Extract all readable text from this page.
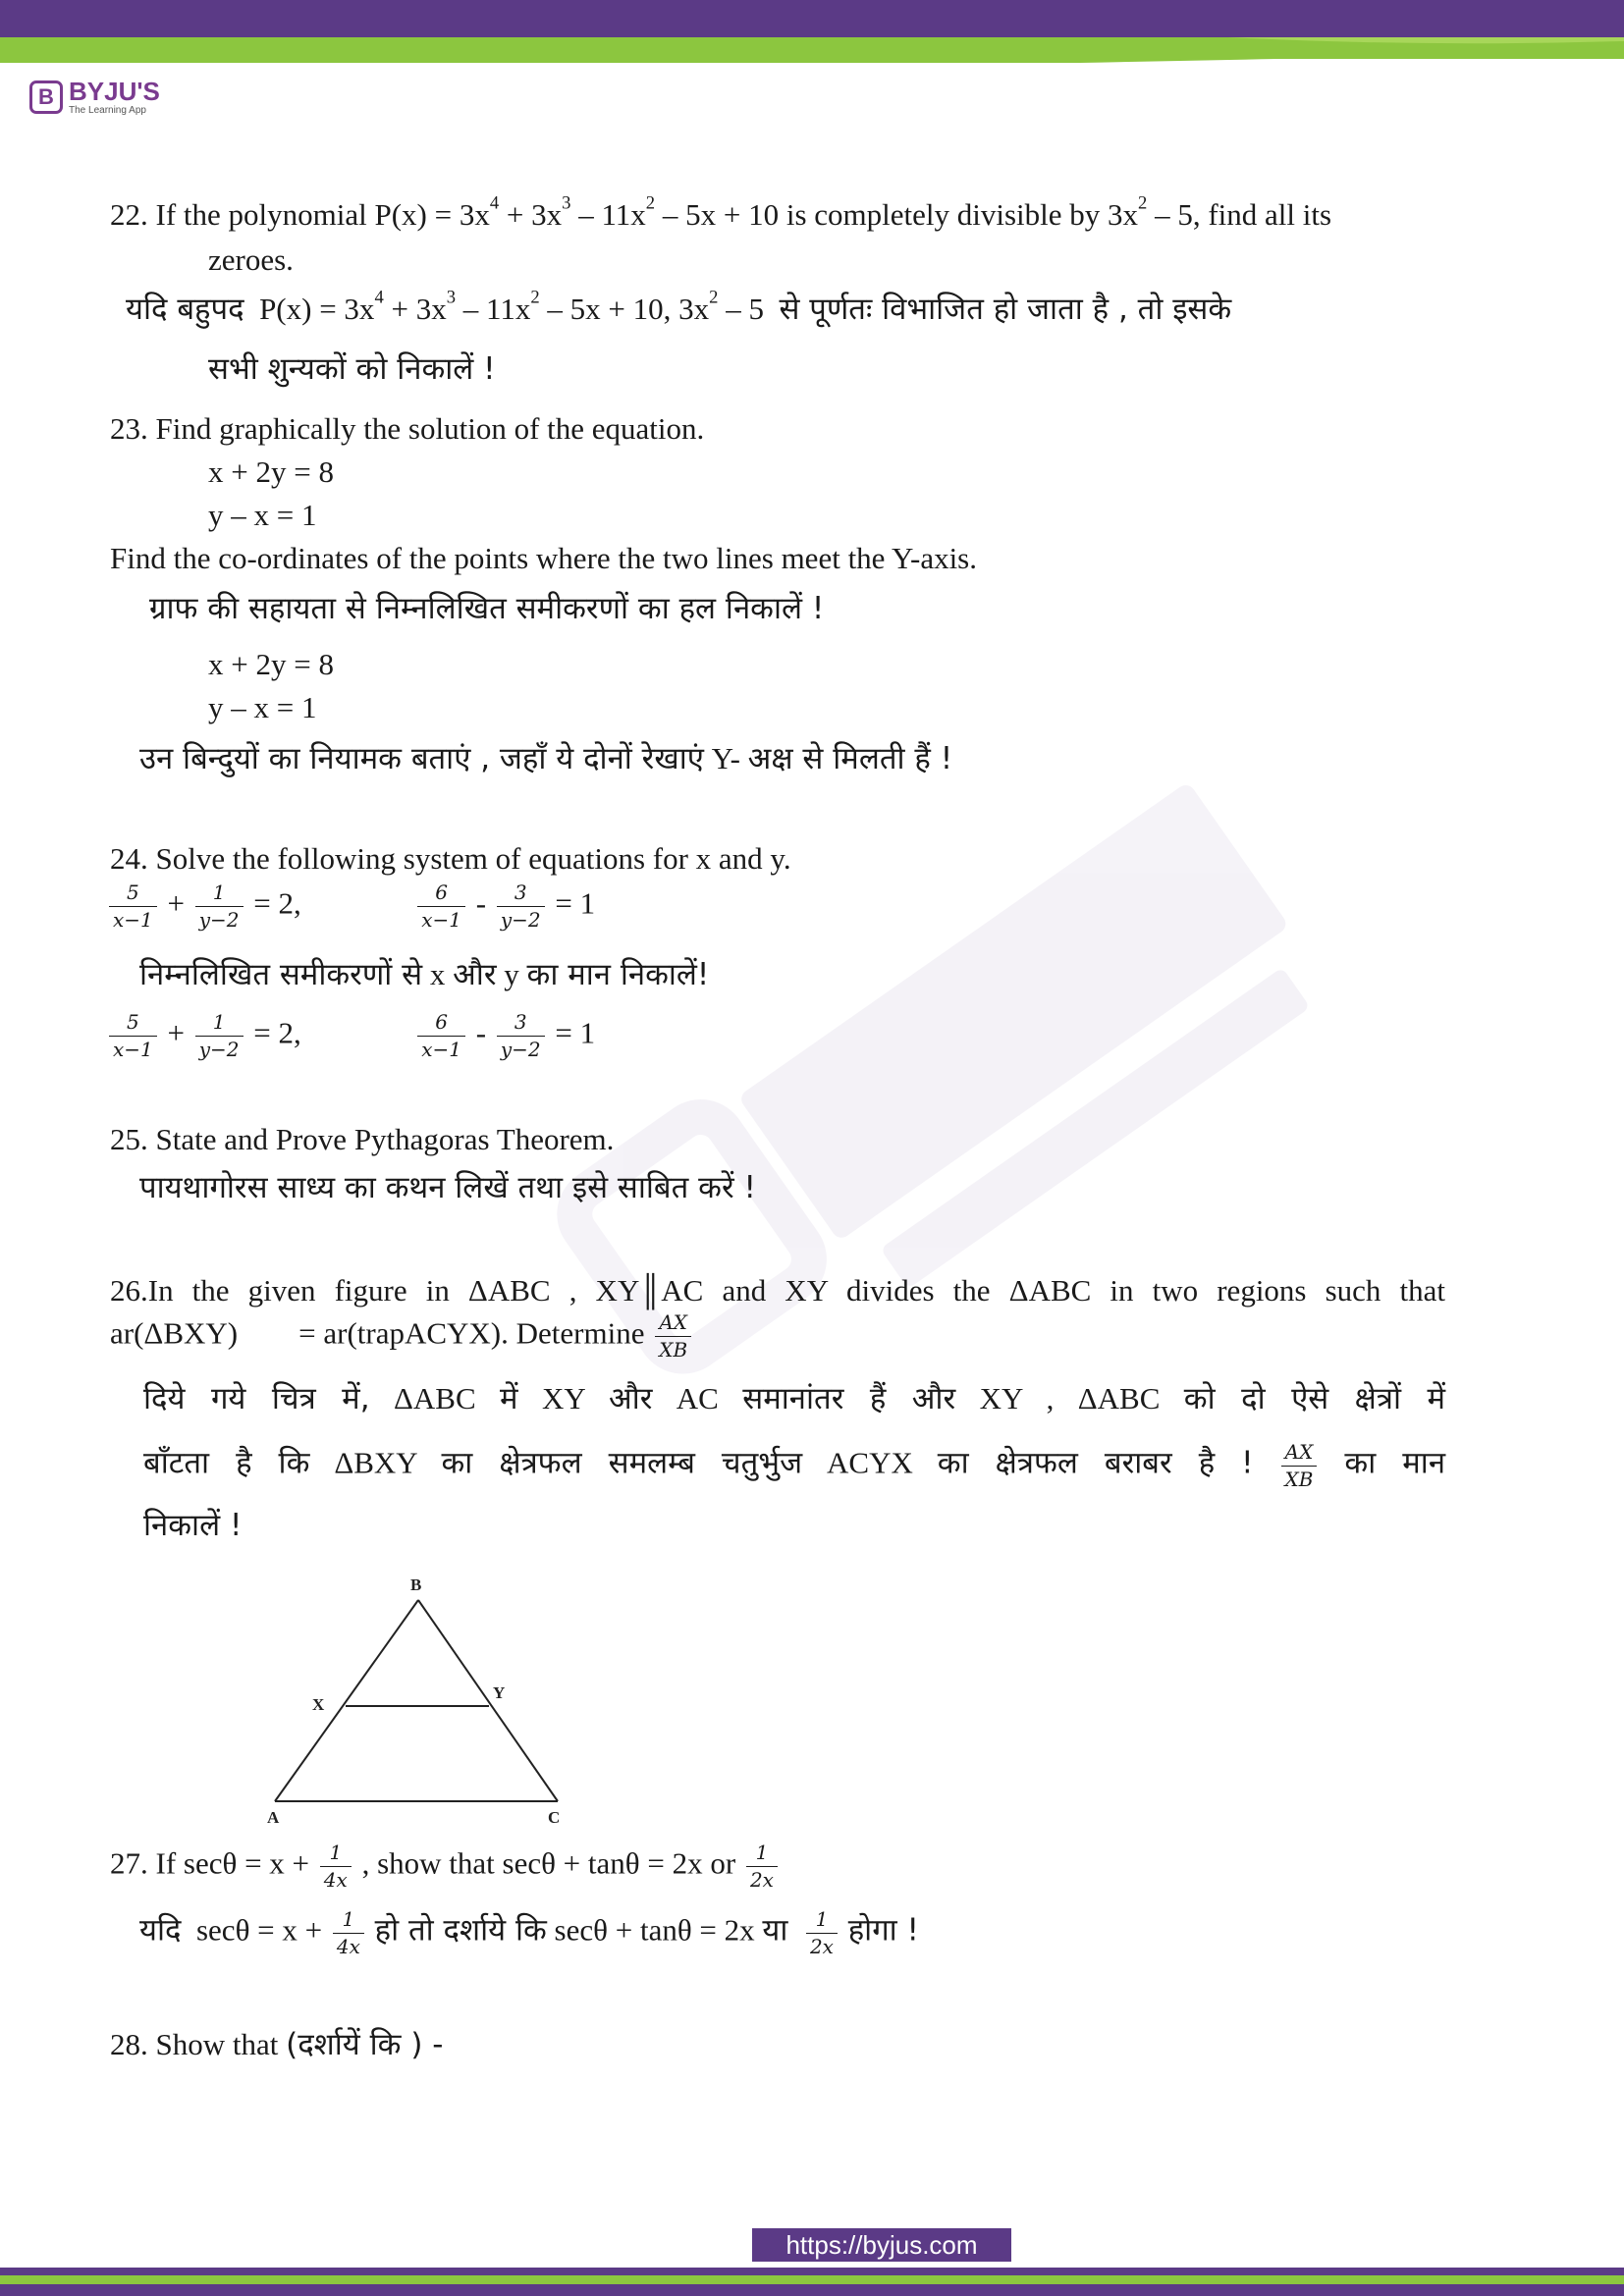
B BYJU'S
The Learning App
22. If the polynomial $P(x) = 3x^4 + 3x^3 - 11x^2 - 5x + 10$ is completely divisible by $3x^2 - 5$, find all its
zeroes.
यदि बहुपद $P(x) = 3x^4 + 3x^3 - 11x^2 - 5x + 10$, $3x^2 - 5$ से पूर्णतः विभाजित हो जाता है , तो इसके
सभी शुन्यकों को निकालें !
23. Find graphically the solution of the equation.
x + 2y = 8
y – x = 1
Find the co-ordinates of the points where the two lines meet the Y-axis.
ग्राफ की सहायता से निम्नलिखित समीकरणों का हल निकालें !
x + 2y = 8
y – x = 1
उन बिन्दुयों का नियामक बताएं , जहाँ ये दोनों रेखाएं Y- अक्ष से मिलती हैं !
24. Solve the following system of equations for x and y.
$\frac{5}{x-1} + \frac{1}{y-2} = 2$,	$\frac{6}{x-1} - \frac{3}{y-2} = 1$
निम्नलिखित समीकरणों से x और y का मान निकालें!
$\frac{5}{x-1} + \frac{1}{y-2} = 2$,	$\frac{6}{x-1} - \frac{3}{y-2} = 1$
25. State and Prove Pythagoras Theorem.
पायथागोरस साध्य का कथन लिखें तथा इसे साबित करें !
26.In the given figure in ΔABC , XY║AC and XY divides the ΔABC in two regions such that
ar(ΔBXY) = ar(trapACYX). Determine $\frac{AX}{XB}$
दिये गये चित्र में, ΔABC में XY और AC समानांतर हैं और XY , ΔABC को दो ऐसे क्षेत्रों में
बाँटता है कि ΔBXY का क्षेत्रफल समलम्ब चतुर्भुज ACYX का क्षेत्रफल बराबर है ! $\frac{AX}{XB}$ का मान
निकालें !
B
X
Y
A	C
27. If $\sec\theta = x + \frac{1}{4x}$ , show that secθ + tanθ = 2x or $\frac{1}{2x}$
यदि $\sec\theta = x + \frac{1}{4x}$ हो तो दर्शाये कि secθ + tanθ = 2x या $\frac{1}{2x}$ होगा !
28. Show that (दर्शायें कि ) -
https://byjus.com
